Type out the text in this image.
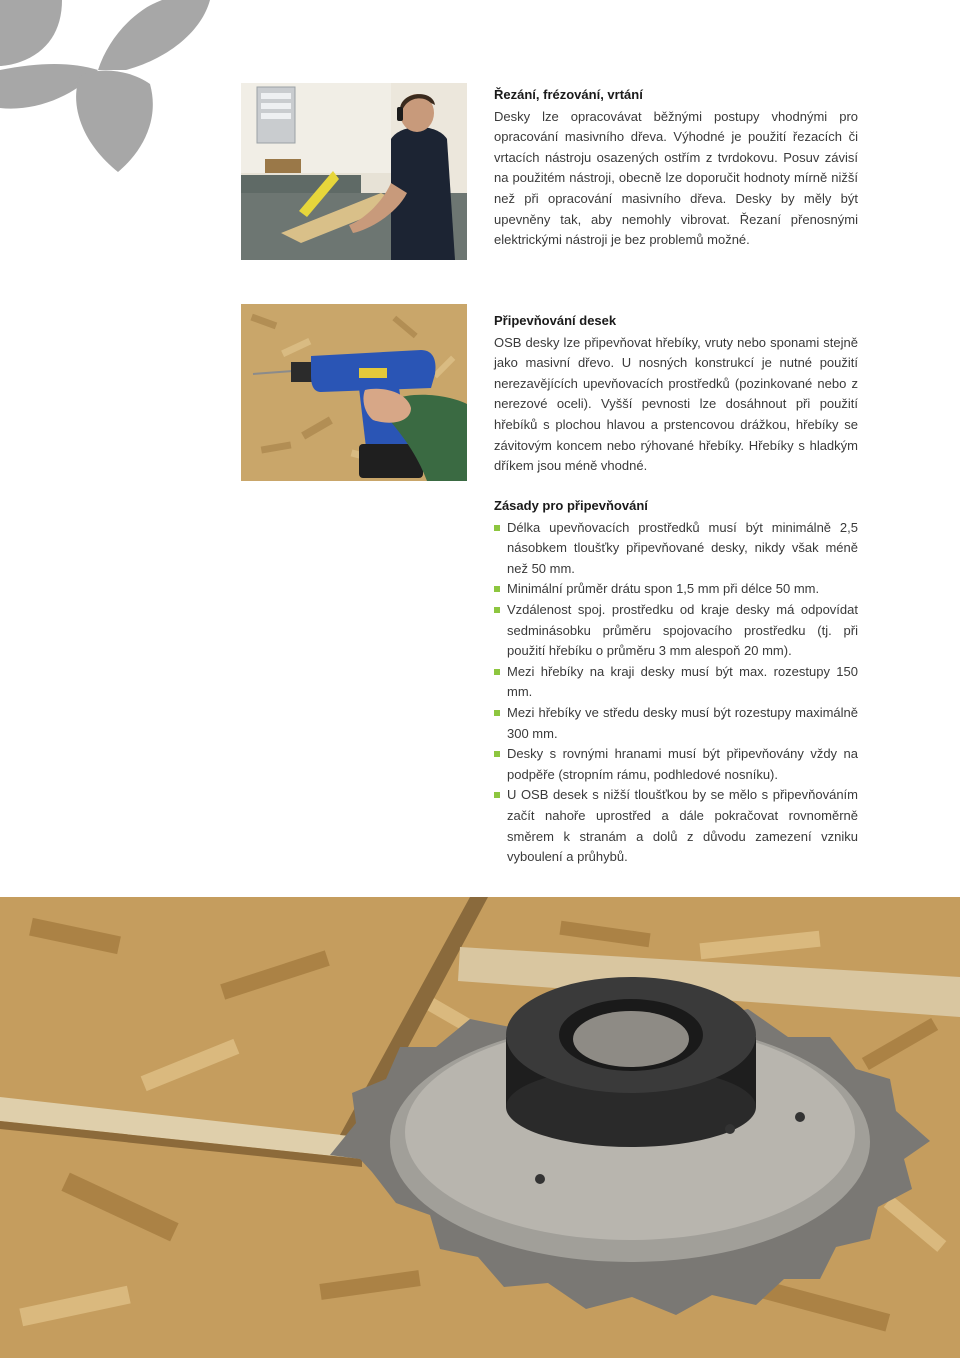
Řezání, frézování, vrtání

Desky lze opracovávat běžnými postupy vhodnými pro opracování masivního dřeva. Výhodné je použití řezacích či vrtacích nástroju osazených ostřím z tvrdokovu. Posuv závisí na použitém nástroji, obecně lze doporučit hodnoty mírně nižší než při opracování masivního dřeva. Desky by měly být upevněny tak, aby nemohly vibrovat. Řezaní přenosnými elektrickými nástroji je bez problemů možné.

Připevňování desek

OSB desky lze připevňovat hřebíky, vruty nebo sponami stejně jako masivní dřevo. U nosných konstrukcí je nutné použití nerezavějících upevňovacích prostředků (pozinkované nebo z nerezové oceli). Vyšší pevnosti lze dosáhnout při použití hřebíků s plochou hlavou a prstencovou drážkou, hřebíky se závitovým koncem nebo rýhované hřebíky. Hřebíky s hladkým dříkem jsou méně vhodné.

Zásady pro připevňování
Délka upevňovacích prostředků musí být minimálně 2,5 násobkem tloušťky připevňované desky, nikdy však méně než 50 mm.
Minimální průměr drátu spon 1,5 mm při délce 50 mm.
Vzdálenost spoj. prostředku od kraje desky má odpovídat sedminásobku průměru spojovacího prostředku (tj. při použití hřebíku o průměru 3 mm alespoň 20 mm).
Mezi hřebíky na kraji desky musí být max. rozestupy 150 mm.
Mezi hřebíky ve středu desky musí být rozestupy maximálně 300 mm.
Desky s rovnými hranami musí být připevňovány vždy na podpěře (stropním rámu, podhledové nosníku).
U OSB desek s nižší tloušťkou by se mělo s připevňováním začít nahoře uprostřed a dále pokračovat rovnoměrně směrem k stranám a dolů z důvodu zamezení vzniku vyboulení a průhybů.
